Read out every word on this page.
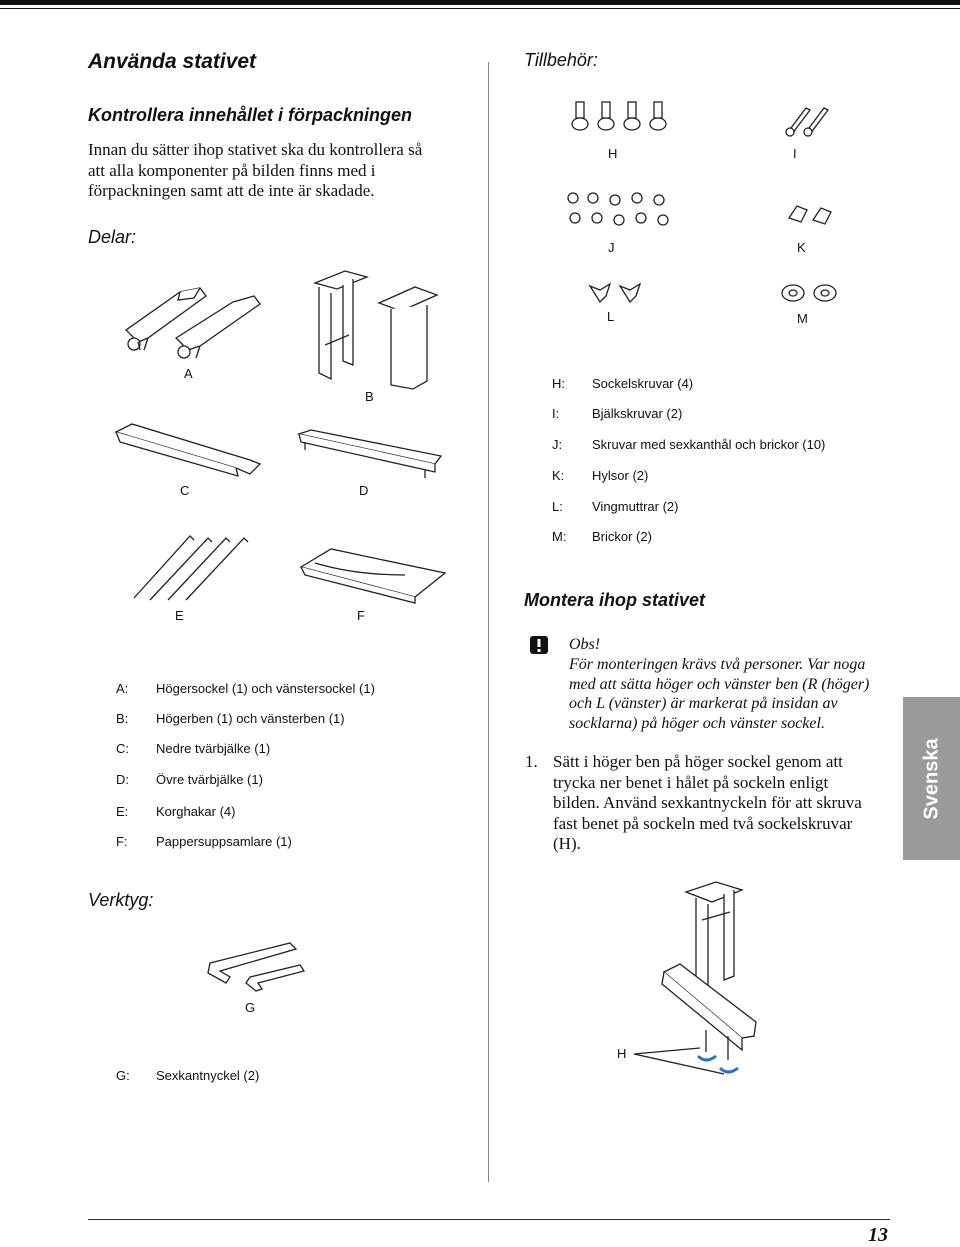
Använda stativet
Kontrollera innehållet i förpackningen
Innan du sätter ihop stativet ska du kontrollera så
att alla komponenter på bilden finns med i
förpackningen samt att de inte är skadade.
Delar:
A
B
C	D
E	F
A: Högersockel (1) och vänstersockel (1)
B: Högerben (1) och vänsterben (1)
C: Nedre tvärbjälke (1)
D: Övre tvärbjälke (1)
E: Korghakar (4)
F: Pappersuppsamlare (1)
Verktyg:
G
G: Sexkantnyckel (2)
Tillbehör:
H	I
J	K
L	M
H: Sockelskruvar (4)
I:	Bjälkskruvar (2)
J: Skruvar med sexkanthål och brickor (10)
K: Hylsor (2)
L: Vingmuttrar (2)
M: Brickor (2)
Montera ihop stativet
Obs!
För monteringen krävs två personer. Var noga
med att sätta höger och vänster ben (R (höger)
och L (vänster) är markerat på insidan av
socklarna) på höger och vänster sockel.
1. Sätt i höger ben på höger sockel genom att
trycka ner benet i hålet på sockeln enligt
bilden. Använd sexkantnyckeln för att skruva
fast benet på sockeln med två sockelskruvar
(H).
H
Svenska
13
